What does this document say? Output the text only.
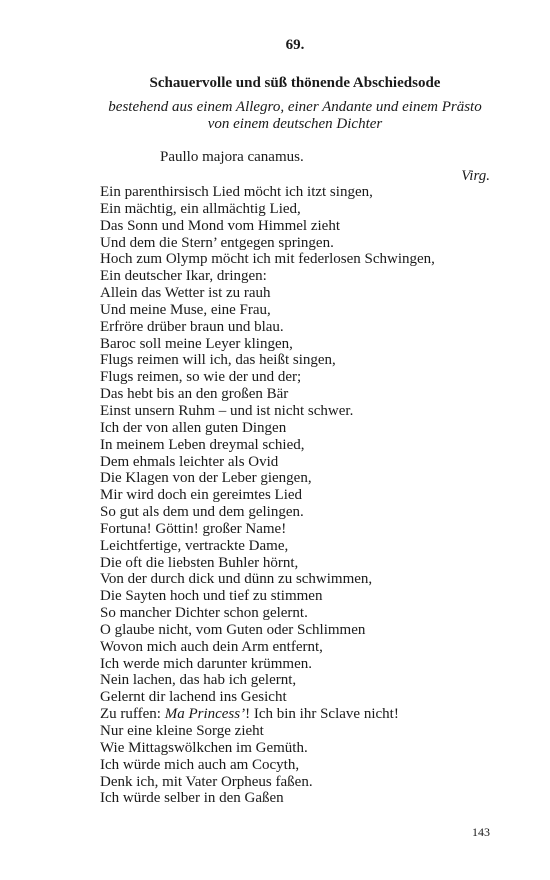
69.
Schauervolle und süß thönende Abschiedsode
bestehend aus einem Allegro, einer Andante und einem Prästo von einem deutschen Dichter
Paullo majora canamus.
Virg.
Ein parenthirsisch Lied möcht ich itzt singen,
Ein mächtig, ein allmächtig Lied,
Das Sonn und Mond vom Himmel zieht
Und dem die Stern’ entgegen springen.
Hoch zum Olymp möcht ich mit federlosen Schwingen,
Ein deutscher Ikar, dringen:
Allein das Wetter ist zu rauh
Und meine Muse, eine Frau,
Erfröre drüber braun und blau.
Baroc soll meine Leyer klingen,
Flugs reimen will ich, das heißt singen,
Flugs reimen, so wie der und der;
Das hebt bis an den großen Bär
Einst unsern Ruhm – und ist nicht schwer.
Ich der von allen guten Dingen
In meinem Leben dreymal schied,
Dem ehmals leichter als Ovid
Die Klagen von der Leber giengen,
Mir wird doch ein gereimtes Lied
So gut als dem und dem gelingen.
Fortuna! Göttin! großer Name!
Leichtfertige, vertrackte Dame,
Die oft die liebsten Buhler hörnt,
Von der durch dick und dünn zu schwimmen,
Die Sayten hoch und tief zu stimmen
So mancher Dichter schon gelernt.
O glaube nicht, vom Guten oder Schlimmen
Wovon mich auch dein Arm entfernt,
Ich werde mich darunter krümmen.
Nein lachen, das hab ich gelernt,
Gelernt dir lachend ins Gesicht
Zu ruffen: Ma Princess’! Ich bin ihr Sclave nicht!
Nur eine kleine Sorge zieht
Wie Mittagswölkchen im Gemüth.
Ich würde mich auch am Cocyth,
Denk ich, mit Vater Orpheus faßen.
Ich würde selber in den Gaßen
143
